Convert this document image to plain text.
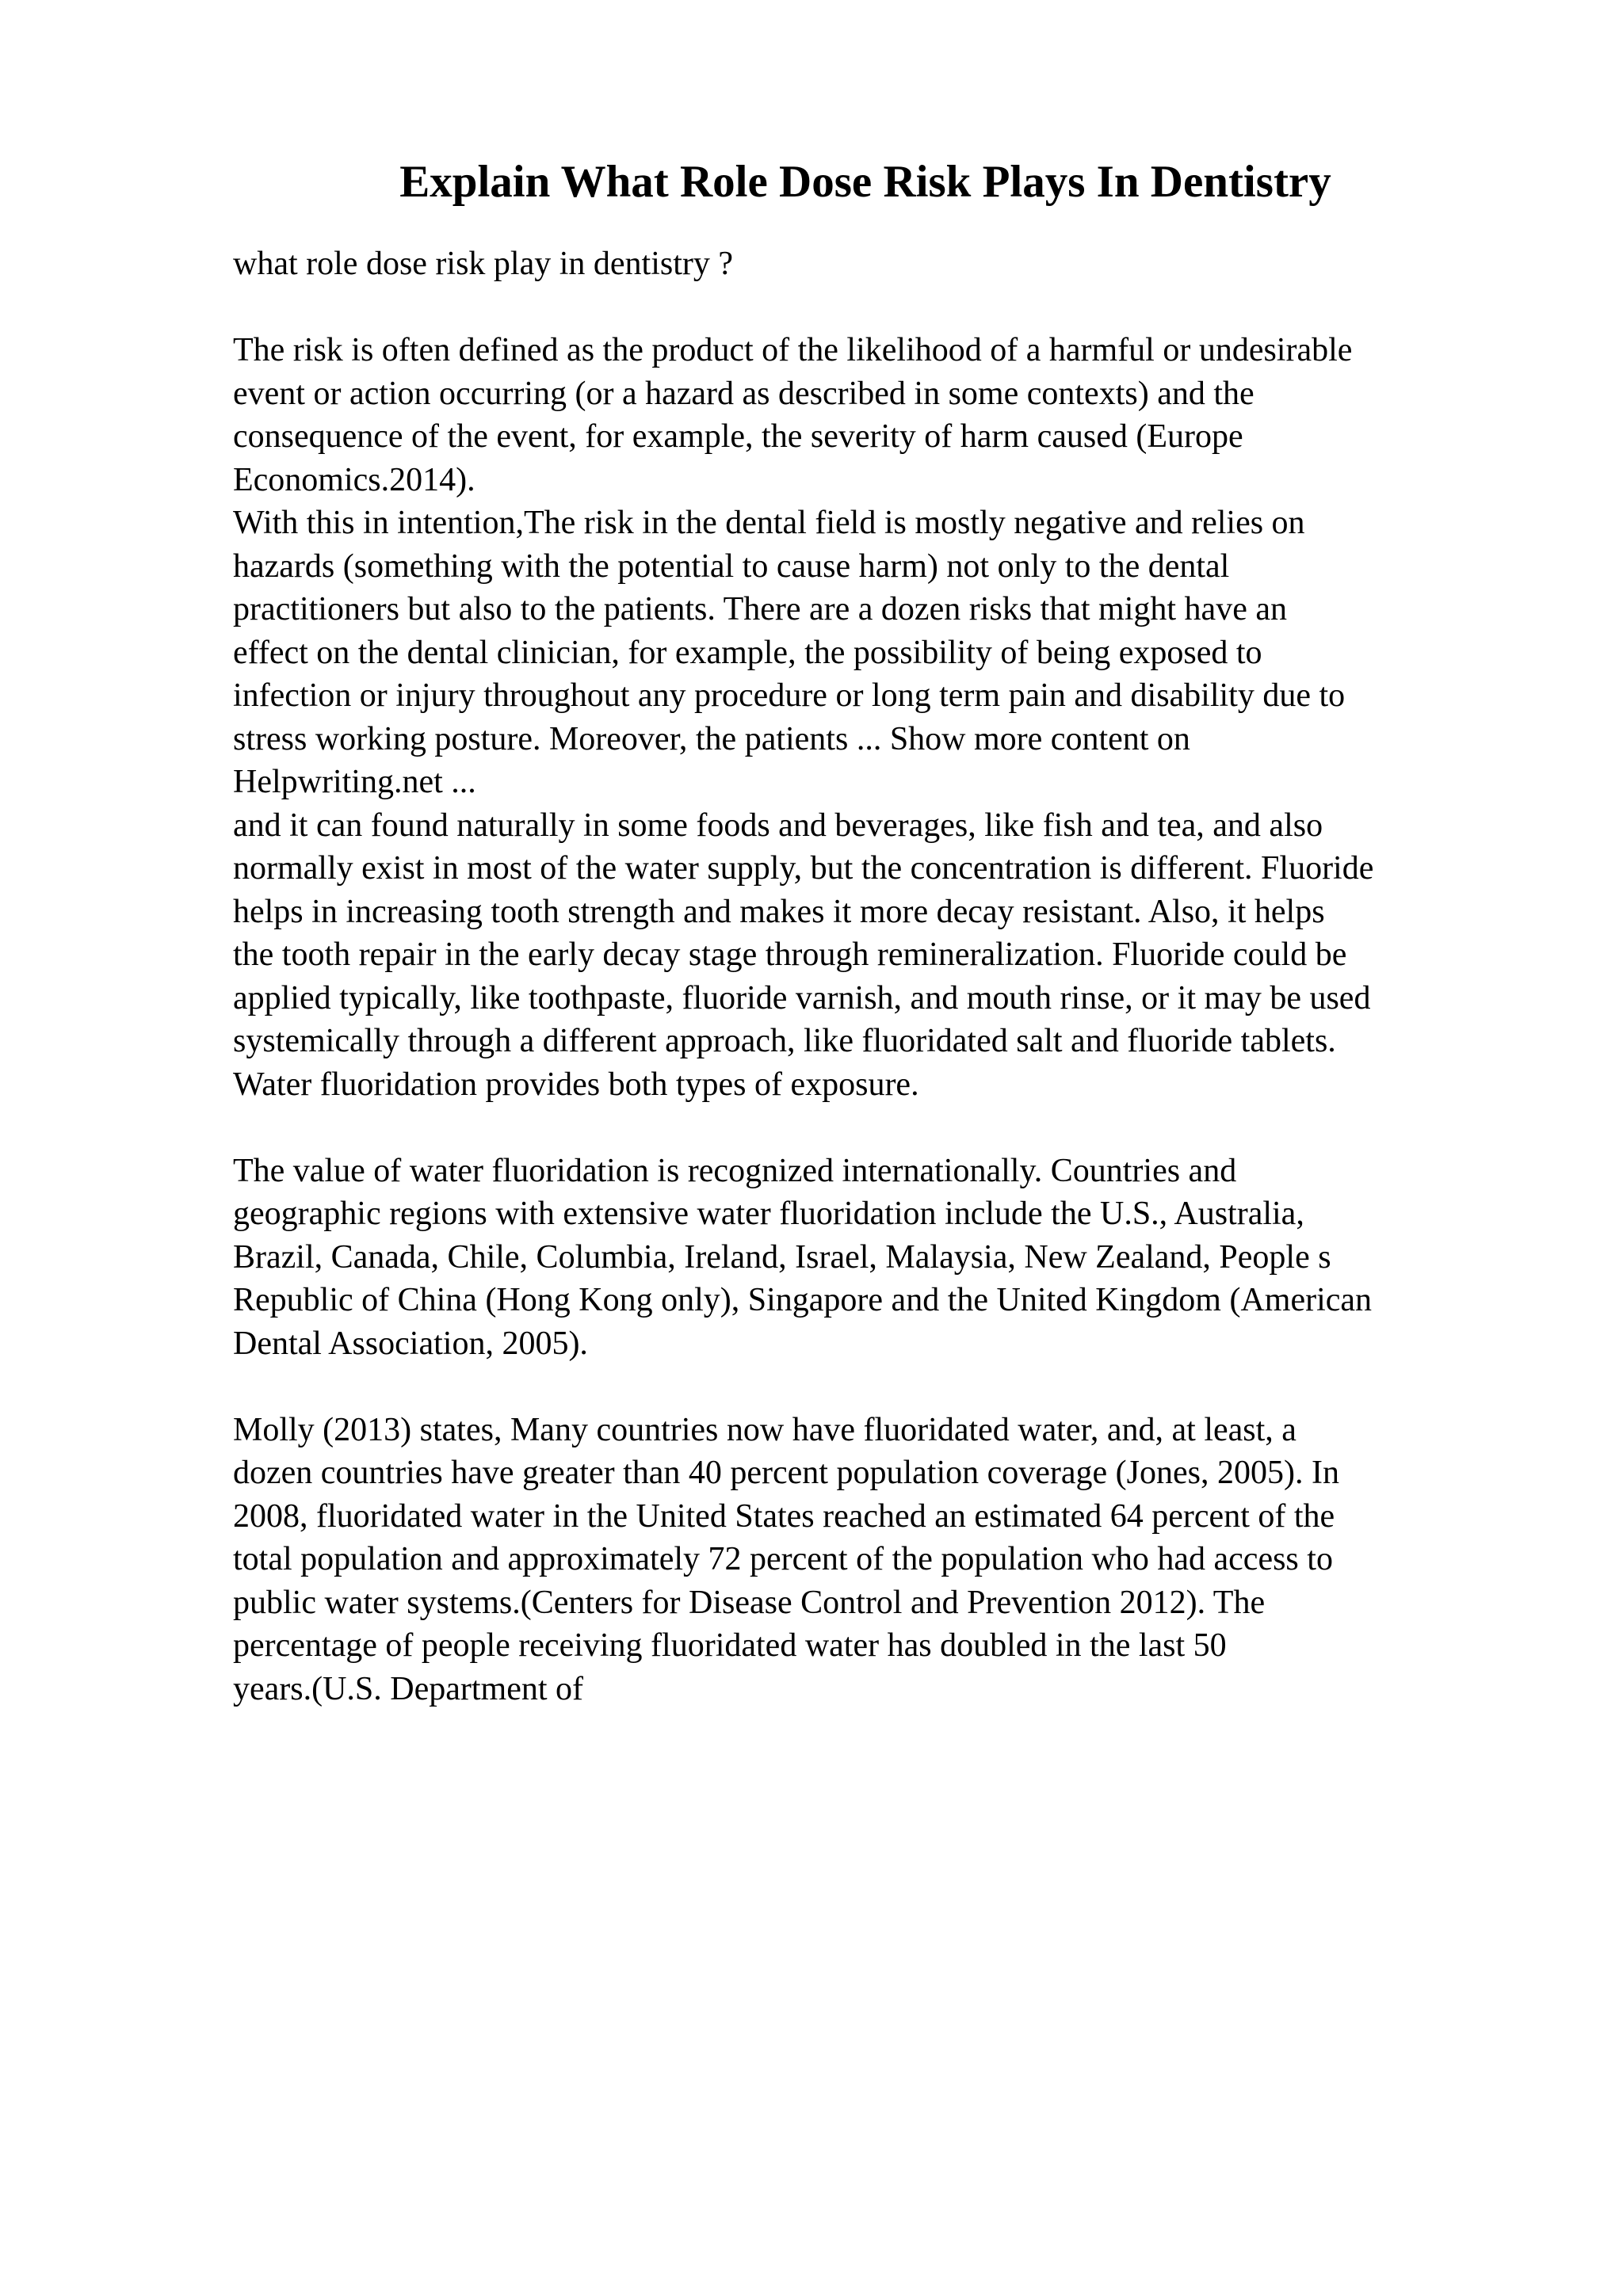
Explain What Role Dose Risk Plays In Dentistry
what role dose risk play in dentistry ?
The risk is often defined as the product of the likelihood of a harmful or undesirable
event or action occurring (or a hazard as described in some contexts) and the
consequence of the event, for example, the severity of harm caused (Europe
Economics.2014).
With this in intention,The risk in the dental field is mostly negative and relies on
hazards (something with the potential to cause harm) not only to the dental
practitioners but also to the patients. There are a dozen risks that might have an
effect on the dental clinician, for example, the possibility of being exposed to
infection or injury throughout any procedure or long term pain and disability due to
stress working posture. Moreover, the patients ... Show more content on
Helpwriting.net ...
and it can found naturally in some foods and beverages, like fish and tea, and also
normally exist in most of the water supply, but the concentration is different. Fluoride
helps in increasing tooth strength and makes it more decay resistant. Also, it helps
the tooth repair in the early decay stage through remineralization. Fluoride could be
applied typically, like toothpaste, fluoride varnish, and mouth rinse, or it may be used
systemically through a different approach, like fluoridated salt and fluoride tablets.
Water fluoridation provides both types of exposure.
The value of water fluoridation is recognized internationally. Countries and
geographic regions with extensive water fluoridation include the U.S., Australia,
Brazil, Canada, Chile, Columbia, Ireland, Israel, Malaysia, New Zealand, People s
Republic of China (Hong Kong only), Singapore and the United Kingdom (American
Dental Association, 2005).
Molly (2013) states, Many countries now have fluoridated water, and, at least, a
dozen countries have greater than 40 percent population coverage (Jones, 2005). In
2008, fluoridated water in the United States reached an estimated 64 percent of the
total population and approximately 72 percent of the population who had access to
public water systems.(Centers for Disease Control and Prevention 2012). The
percentage of people receiving fluoridated water has doubled in the last 50
years.(U.S. Department of
